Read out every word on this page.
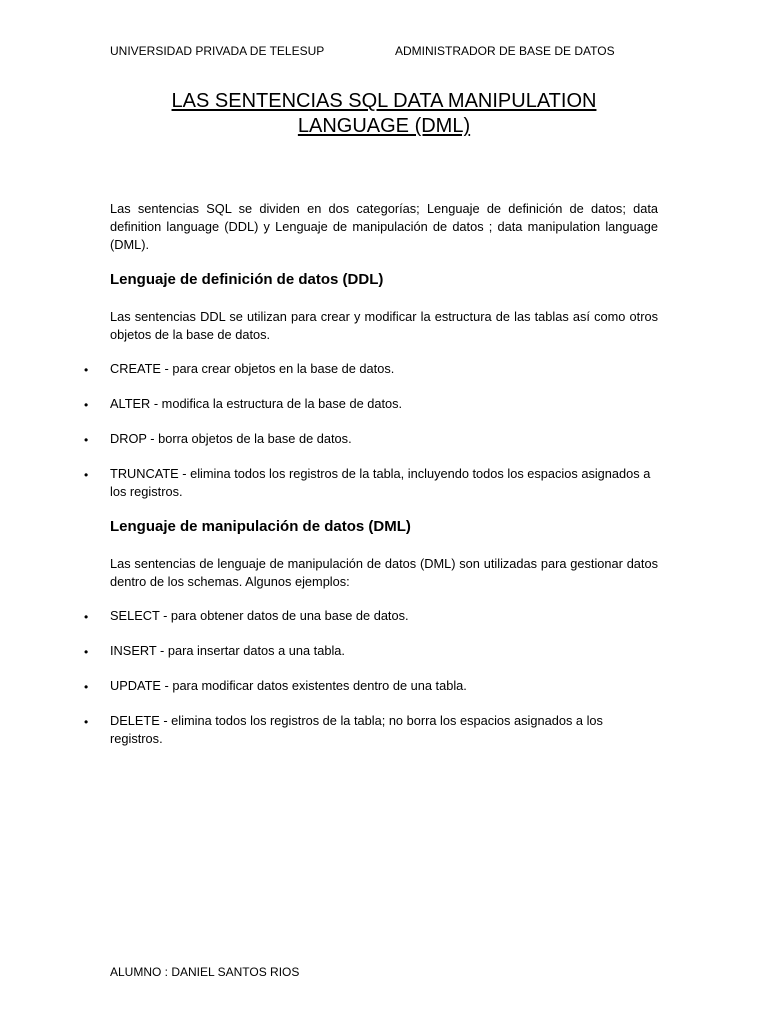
UNIVERSIDAD PRIVADA DE TELESUP	ADMINISTRADOR DE BASE DE DATOS
LAS SENTENCIAS SQL DATA MANIPULATION
LANGUAGE (DML)

Las sentencias SQL se dividen en dos categorías; Lenguaje de definición de datos; data definition language (DDL) y Lenguaje de manipulación de datos ; data manipulation language (DML).

Lenguaje de definición de datos (DDL)

Las sentencias DDL se utilizan para crear y modificar la estructura de las tablas así como otros objetos de la base de datos.

•	CREATE - para crear objetos en la base de datos.

•	ALTER - modifica la estructura de la base de datos.

•	DROP - borra objetos de la base de datos.

•	TRUNCATE - elimina todos los registros de la tabla, incluyendo todos los espacios asignados a los registros.

Lenguaje de manipulación de datos (DML)

Las sentencias de lenguaje de manipulación de datos (DML) son utilizadas para gestionar datos dentro de los schemas. Algunos ejemplos:

•	SELECT - para obtener datos de una base de datos.

•	INSERT - para insertar datos a una tabla.

•	UPDATE - para modificar datos existentes dentro de una tabla.

•	DELETE - elimina todos los registros de la tabla; no borra los espacios asignados a los registros.

ALUMNO : DANIEL SANTOS RIOS
